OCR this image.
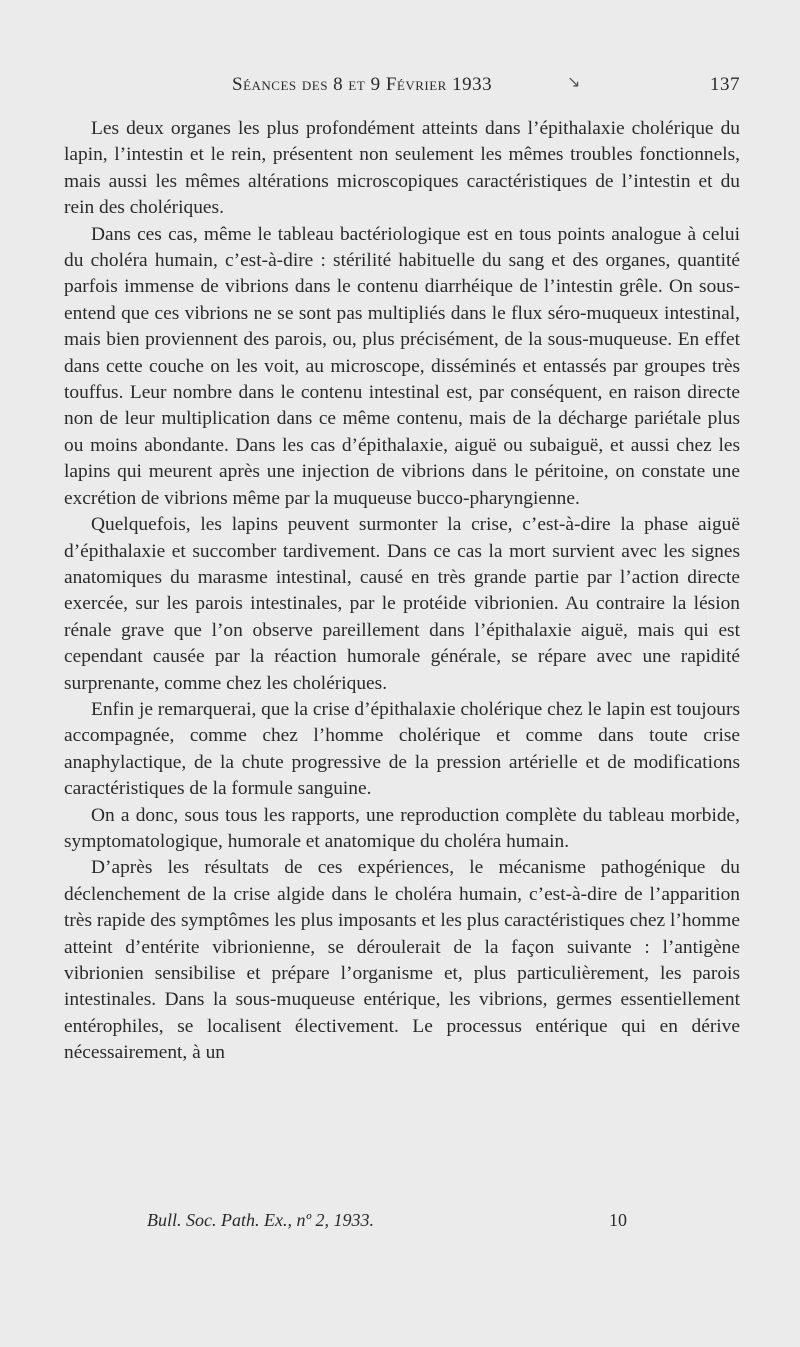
Séances des 8 et 9 Février 1933	↘	137

Les deux organes les plus profondément atteints dans l’épithalaxie cholérique du lapin, l’intestin et le rein, présentent non seulement les mêmes troubles fonctionnels, mais aussi les mêmes altérations microscopiques caractéristiques de l’intestin et du rein des cholériques.

Dans ces cas, même le tableau bactériologique est en tous points analogue à celui du choléra humain, c’est-à-dire : stérilité habituelle du sang et des organes, quantité parfois immense de vibrions dans le contenu diarrhéique de l’intestin grêle. On sous-entend que ces vibrions ne se sont pas multipliés dans le flux séro-muqueux intestinal, mais bien proviennent des parois, ou, plus précisément, de la sous-muqueuse. En effet dans cette couche on les voit, au microscope, disséminés et entassés par groupes très touffus. Leur nombre dans le contenu intestinal est, par conséquent, en raison directe non de leur multiplication dans ce même contenu, mais de la décharge pariétale plus ou moins abondante. Dans les cas d’épithalaxie, aiguë ou subaiguë, et aussi chez les lapins qui meurent après une injection de vibrions dans le péritoine, on constate une excrétion de vibrions même par la muqueuse bucco-pharyngienne.

Quelquefois, les lapins peuvent surmonter la crise, c’est-à-dire la phase aiguë d’épithalaxie et succomber tardivement. Dans ce cas la mort survient avec les signes anatomiques du marasme intestinal, causé en très grande partie par l’action directe exercée, sur les parois intestinales, par le protéide vibrionien. Au contraire la lésion rénale grave que l’on observe pareillement dans l’épithalaxie aiguë, mais qui est cependant causée par la réaction humorale générale, se répare avec une rapidité surprenante, comme chez les cholériques.

Enfin je remarquerai, que la crise d’épithalaxie cholérique chez le lapin est toujours accompagnée, comme chez l’homme cholérique et comme dans toute crise anaphylactique, de la chute progressive de la pression artérielle et de modifications caractéristiques de la formule sanguine.

On a donc, sous tous les rapports, une reproduction complète du tableau morbide, symptomatologique, humorale et anatomique du choléra humain.

D’après les résultats de ces expériences, le mécanisme pathogénique du déclenchement de la crise algide dans le choléra humain, c’est-à-dire de l’apparition très rapide des symptômes les plus imposants et les plus caractéristiques chez l’homme atteint d’entérite vibrionienne, se déroulerait de la façon suivante : l’antigène vibrionien sensibilise et prépare l’organisme et, plus particulièrement, les parois intestinales. Dans la sous-muqueuse entérique, les vibrions, germes essentiellement entérophiles, se localisent électivement. Le processus entérique qui en dérive nécessairement, à un

Bull. Soc. Path. Ex., nº 2, 1933.	10
